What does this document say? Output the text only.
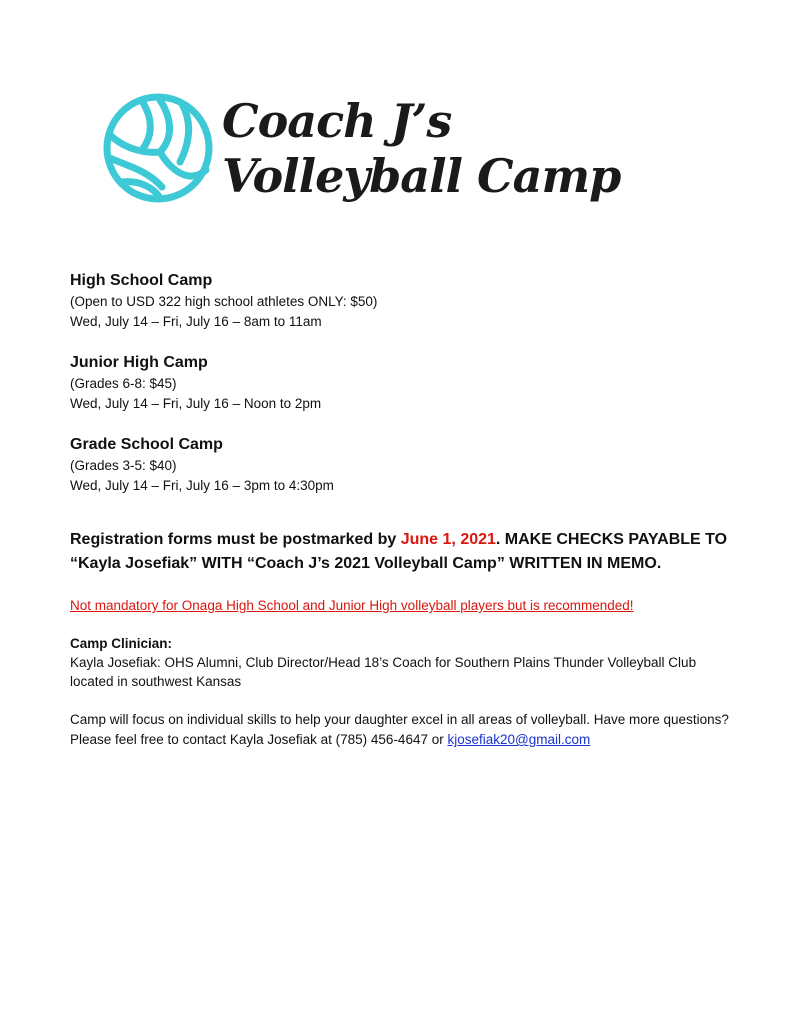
Coach J’s
Volleyball Camp
High School Camp
(Open to USD 322 high school athletes ONLY: $50)
Wed, July 14 – Fri, July 16 – 8am to 11am
Junior High Camp
(Grades 6-8: $45)
Wed, July 14 – Fri, July 16 – Noon to 2pm
Grade School Camp
(Grades 3-5: $40)
Wed, July 14 – Fri, July 16 – 3pm to 4:30pm
Registration forms must be postmarked by June 1, 2021. MAKE CHECKS PAYABLE TO “Kayla Josefiak” WITH “Coach J’s 2021 Volleyball Camp” WRITTEN IN MEMO.
Not mandatory for Onaga High School and Junior High volleyball players but is recommended!
Camp Clinician:
Kayla Josefiak: OHS Alumni, Club Director/Head 18’s Coach for Southern Plains Thunder Volleyball Club located in southwest Kansas
Camp will focus on individual skills to help your daughter excel in all areas of volleyball. Have more questions? Please feel free to contact Kayla Josefiak at (785) 456-4647 or kjosefiak20@gmail.com
